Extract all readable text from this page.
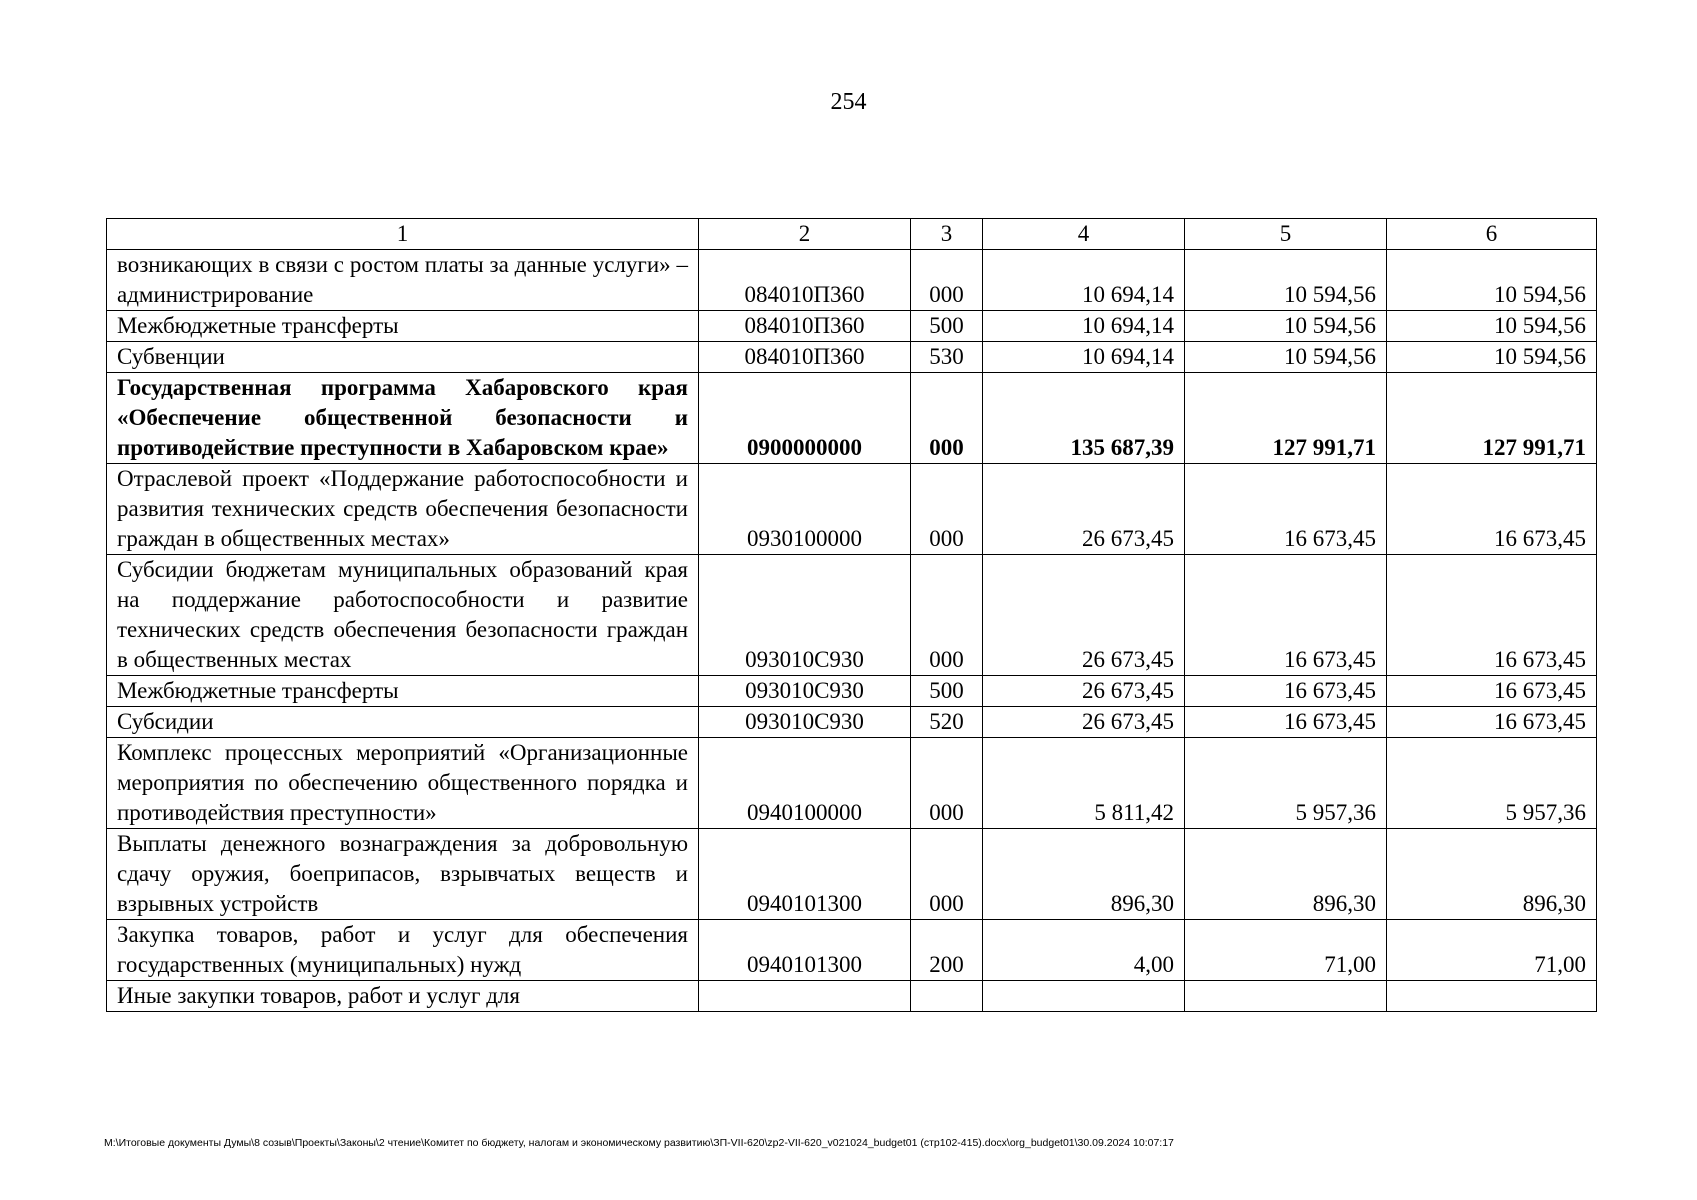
254
1	2	3	4	5	6
возникающих в связи с ростом платы за данные услуги» – администрирование	084010П360	000	10 694,14	10 594,56	10 594,56
Межбюджетные трансферты	084010П360	500	10 694,14	10 594,56	10 594,56
Субвенции	084010П360	530	10 694,14	10 594,56	10 594,56
Государственная программа Хабаровского края «Обеспечение общественной безопасности и противодействие преступности в Хабаровском крае»	0900000000	000	135 687,39	127 991,71	127 991,71
Отраслевой проект «Поддержание работоспособности и развития технических средств обеспечения безопасности граждан в общественных местах»	0930100000	000	26 673,45	16 673,45	16 673,45
Субсидии бюджетам муниципальных образований края на поддержание работоспособности и развитие технических средств обеспечения безопасности граждан в общественных местах	093010С930	000	26 673,45	16 673,45	16 673,45
Межбюджетные трансферты	093010С930	500	26 673,45	16 673,45	16 673,45
Субсидии	093010С930	520	26 673,45	16 673,45	16 673,45
Комплекс процессных мероприятий «Организационные мероприятия по обеспечению общественного порядка и противодействия преступности»	0940100000	000	5 811,42	5 957,36	5 957,36
Выплаты денежного вознаграждения за добровольную сдачу оружия, боеприпасов, взрывчатых веществ и взрывных устройств	0940101300	000	896,30	896,30	896,30
Закупка товаров, работ и услуг для обеспечения государственных (муниципальных) нужд	0940101300	200	4,00	71,00	71,00
Иные закупки товаров, работ и услуг для					
M:\Итоговые документы Думы\8 созыв\Проекты\Законы\2 чтение\Комитет по бюджету, налогам и экономическому развитию\ЗП-VII-620\zp2-VII-620_v021024_budget01 (стр102-415).docx\org_budget01\30.09.2024 10:07:17
